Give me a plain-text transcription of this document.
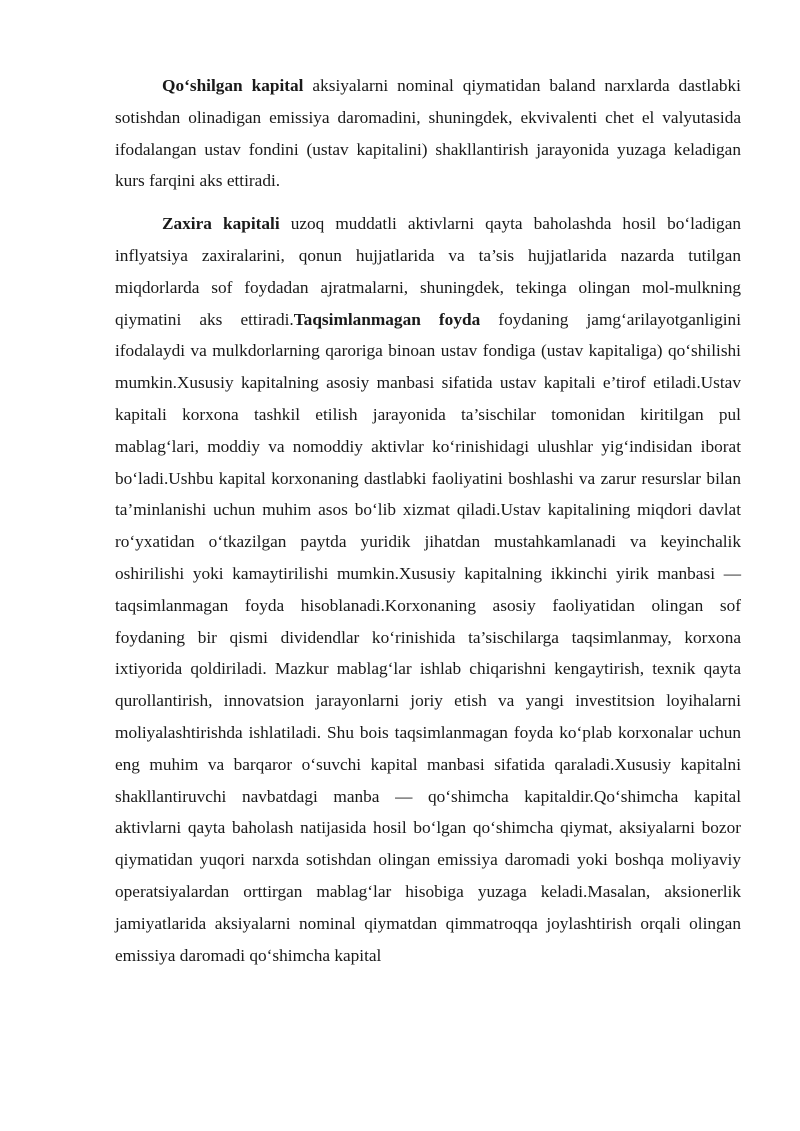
Qo‘shilgan kapital aksiyalarni nominal qiymatidan baland narxlarda dastlabki sotishdan olinadigan emissiya daromadini, shuningdek, ekvivalenti chet el valyutasida ifodalangan ustav fondini (ustav kapitalini) shakllantirish jarayonida yuzaga keladigan kurs farqini aks ettiradi.

Zaxira kapitali uzoq muddatli aktivlarni qayta baholashda hosil bo‘ladigan inflyatsiya zaxiralarini, qonun hujjatlarida va ta’sis hujjatlarida nazarda tutilgan miqdorlarda sof foydadan ajratmalarni, shuningdek, tekinga olingan mol-mulkning qiymatini aks ettiradi.Taqsimlanmagan foyda foydaning jamg‘arilayotganligini ifodalaydi va mulkdorlarning qaroriga binoan ustav fondiga (ustav kapitaliga) qo‘shilishi mumkin.Xususiy kapitalning asosiy manbasi sifatida ustav kapitali e’tirof etiladi.Ustav kapitali korxona tashkil etilish jarayonida ta’sischilar tomonidan kiritilgan pul mablag‘lari, moddiy va nomoddiy aktivlar ko‘rinishidagi ulushlar yig‘indisidan iborat bo‘ladi.Ushbu kapital korxonaning dastlabki faoliyatini boshlashi va zarur resurslar bilan ta’minlanishi uchun muhim asos bo‘lib xizmat qiladi.Ustav kapitalining miqdori davlat ro‘yxatidan o‘tkazilgan paytda yuridik jihatdan mustahkamlanadi va keyinchalik oshirilishi yoki kamaytirilishi mumkin.Xususiy kapitalning ikkinchi yirik manbasi — taqsimlanmagan foyda hisoblanadi.Korxonaning asosiy faoliyatidan olingan sof foydaning bir qismi dividendlar ko‘rinishida ta’sischilarga taqsimlanmay, korxona ixtiyorida qoldiriladi. Mazkur mablag‘lar ishlab chiqarishni kengaytirish, texnik qayta qurollantirish, innovatsion jarayonlarni joriy etish va yangi investitsion loyihalarni moliyalashtirishda ishlatiladi. Shu bois taqsimlanmagan foyda ko‘plab korxonalar uchun eng muhim va barqaror o‘suvchi kapital manbasi sifatida qaraladi.Xususiy kapitalni shakllantiruvchi navbatdagi manba — qo‘shimcha kapitaldir.Qo‘shimcha kapital aktivlarni qayta baholash natijasida hosil bo‘lgan qo‘shimcha qiymat, aksiyalarni bozor qiymatidan yuqori narxda sotishdan olingan emissiya daromadi yoki boshqa moliyaviy operatsiyalardan orttirgan mablag‘lar hisobiga yuzaga keladi.Masalan, aksionerlik jamiyatlarida aksiyalarni nominal qiymatdan qimmatroqqa joylashtirish orqali olingan emissiya daromadi qo‘shimcha kapital
